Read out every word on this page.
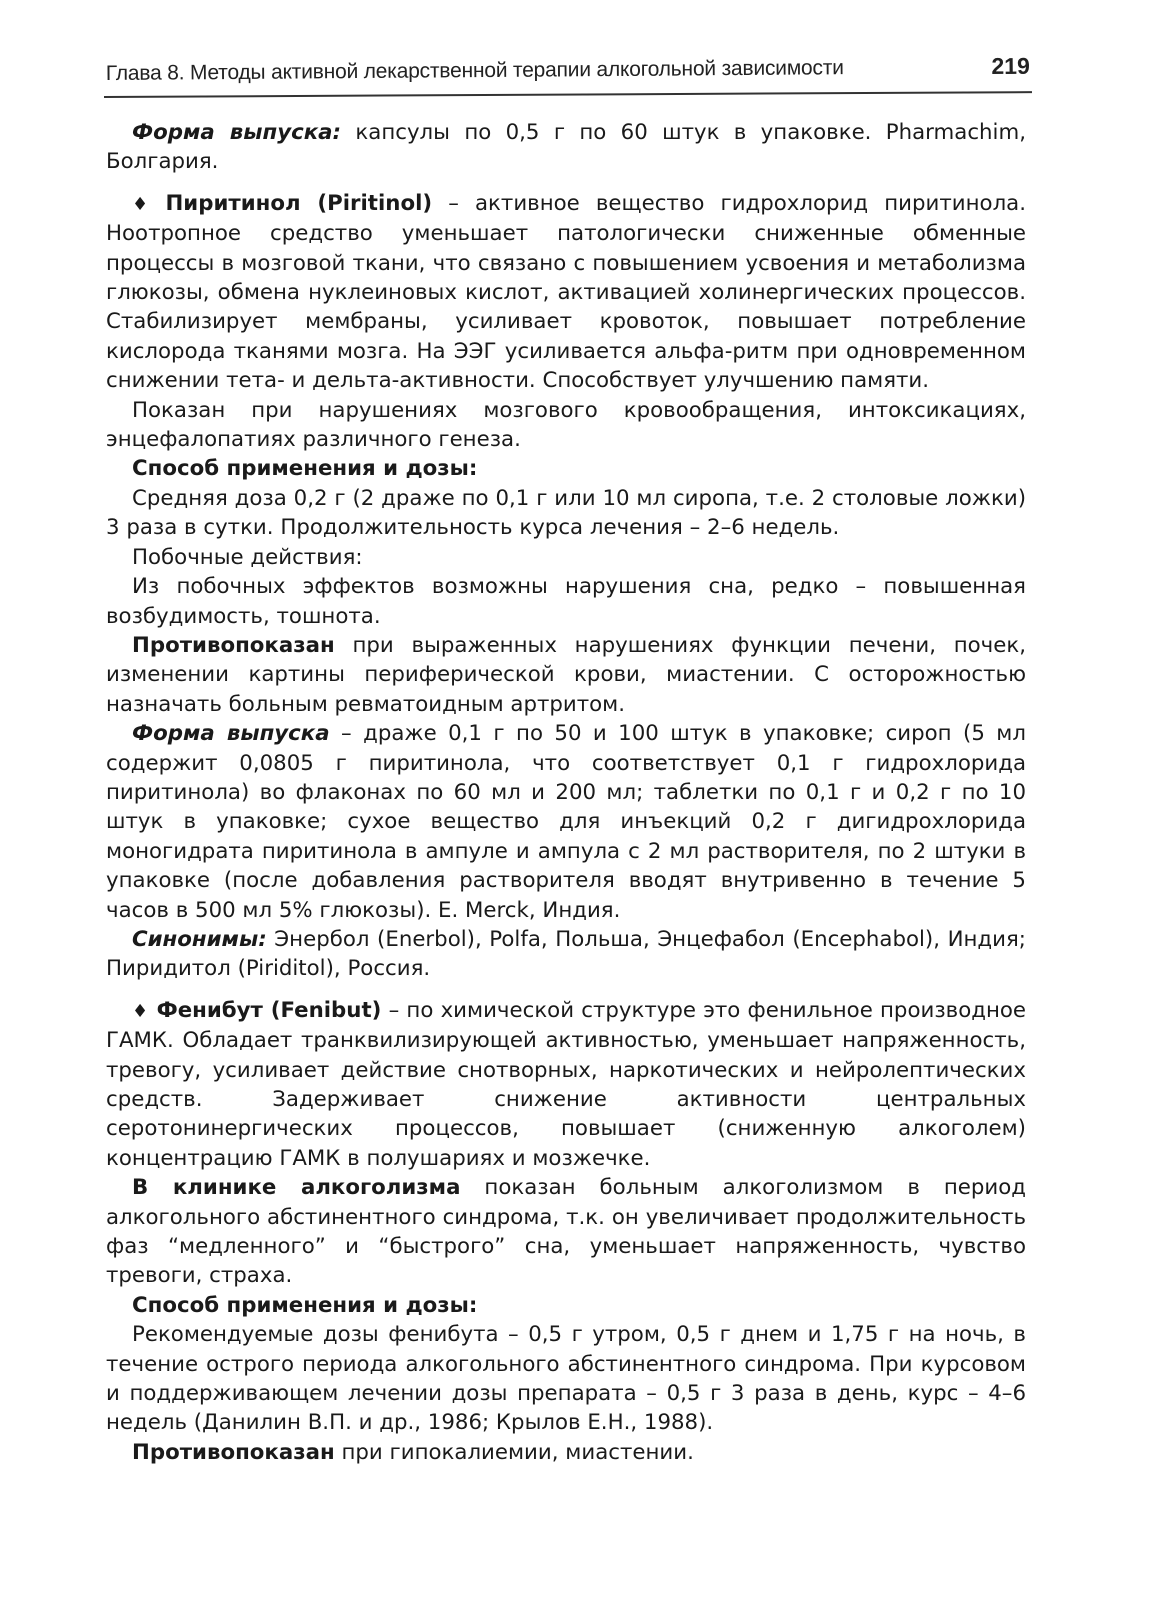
Глава 8. Методы активной лекарственной терапии алкогольной зависимости	219

Форма выпуска: капсулы по 0,5 г по 60 штук в упаковке. Pharmachim, Болгария.

♦ Пиритинол (Piritinol) – активное вещество гидрохлорид пиритинола. Ноотропное средство уменьшает патологически сниженные обменные процессы в мозговой ткани, что связано с повышением усвоения и метаболизма глюкозы, обмена нуклеиновых кислот, активацией холинергических процессов. Стабилизирует мембраны, усиливает кровоток, повышает потребление кислорода тканями мозга. На ЭЭГ усиливается альфа-ритм при одновременном снижении тета- и дельта-активности. Способствует улучшению памяти.

Показан при нарушениях мозгового кровообращения, интоксикациях, энцефалопатиях различного генеза.

Способ применения и дозы:

Средняя доза 0,2 г (2 драже по 0,1 г или 10 мл сиропа, т.е. 2 столовые ложки) 3 раза в сутки. Продолжительность курса лечения – 2–6 недель.

Побочные действия:

Из побочных эффектов возможны нарушения сна, редко – повышенная возбудимость, тошнота.

Противопоказан при выраженных нарушениях функции печени, почек, изменении картины периферической крови, миастении. С осторожностью назначать больным ревматоидным артритом.

Форма выпуска – драже 0,1 г по 50 и 100 штук в упаковке; сироп (5 мл содержит 0,0805 г пиритинола, что соответствует 0,1 г гидрохлорида пиритинола) во флаконах по 60 мл и 200 мл; таблетки по 0,1 г и 0,2 г по 10 штук в упаковке; сухое вещество для инъекций 0,2 г дигидрохлорида моногидрата пиритинола в ампуле и ампула с 2 мл растворителя, по 2 штуки в упаковке (после добавления растворителя вводят внутривенно в течение 5 часов в 500 мл 5% глюкозы). E. Merck, Индия.

Синонимы: Энербол (Enerbol), Polfa, Польша, Энцефабол (Encephabol), Индия; Пиридитол (Piriditol), Россия.

♦ Фенибут (Fenibut) – по химической структуре это фенильное производное ГАМК. Обладает транквилизирующей активностью, уменьшает напряженность, тревогу, усиливает действие снотворных, наркотических и нейролептических средств. Задерживает снижение активности центральных серотонинергических процессов, повышает (сниженную алкоголем) концентрацию ГАМК в полушариях и мозжечке.

В клинике алкоголизма показан больным алкоголизмом в период алкогольного абстинентного синдрома, т.к. он увеличивает продолжительность фаз “медленного” и “быстрого” сна, уменьшает напряженность, чувство тревоги, страха.

Способ применения и дозы:

Рекомендуемые дозы фенибута – 0,5 г утром, 0,5 г днем и 1,75 г на ночь, в течение острого периода алкогольного абстинентного синдрома. При курсовом и поддерживающем лечении дозы препарата – 0,5 г 3 раза в день, курс – 4–6 недель (Данилин В.П. и др., 1986; Крылов Е.Н., 1988).

Противопоказан при гипокалиемии, миастении.
